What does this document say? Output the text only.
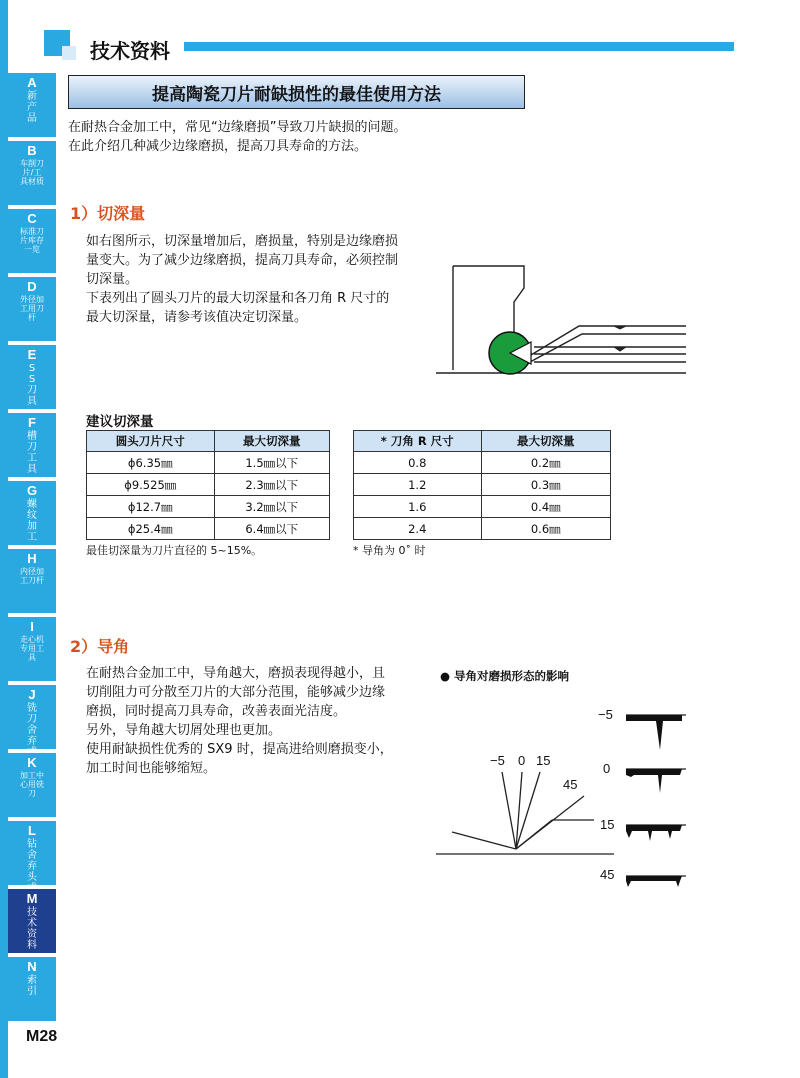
技术资料
A
新产品
B
车削刀片/工具材质
C
标准刀片库存一览
D
外径加工用刀杆
E
SS刀具
F
槽刀工具
G
螺纹加工
H
内径加工刀杆
I
走心机专用工具
J
铣刀舍弃
K
加工中心用铣刀
L
钻舍弃头
M
技术资料
N
索引
M28
提高陶瓷刀片耐缺损性的最佳使用方法
在耐热合金加工中，常见“边缘磨损”导致刀片缺损的问题。
在此介绍几种减少边缘磨损，提高刀具寿命的方法。
1）切深量
如右图所示，切深量增加后，磨损量，特别是边缘磨损
量变大。为了减少边缘磨损，提高刀具寿命，必须控制
切深量。
下表列出了圆头刀片的最大切深量和各刀角 R 尺寸的
最大切深量，请参考该值决定切深量。
建议切深量
圆头刀片尺寸	最大切深量
ϕ6.35㎜	1.5㎜以下
ϕ9.525㎜	2.3㎜以下
ϕ12.7㎜	3.2㎜以下
ϕ25.4㎜	6.4㎜以下
最佳切深量为刀片直径的 5~15%。
* 刀角 R 尺寸	最大切深量
0.8	0.2㎜
1.2	0.3㎜
1.6	0.4㎜
2.4	0.6㎜
* 导角为 0˚ 时
2）导角
在耐热合金加工中，导角越大，磨损表现得越小，且
切削阻力可分散至刀片的大部分范围，能够减少边缘
磨损，同时提高刀具寿命，改善表面光洁度。
另外，导角越大切屑处理也更加。
使用耐缺损性优秀的 SX9 时，提高进给则磨损变小，
加工时间也能够缩短。
● 导角对磨损形态的影响
−5 0 15
45
−5
0
15
45
